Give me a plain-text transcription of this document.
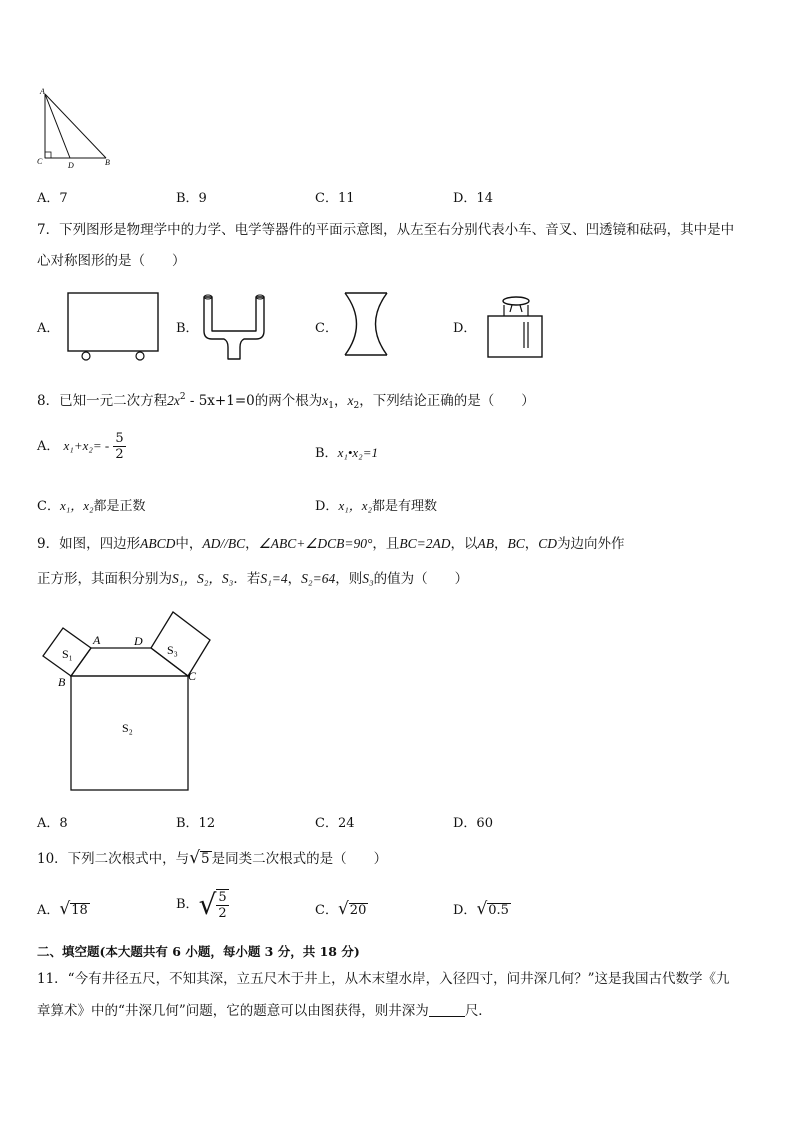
A
C	D	B
A．7	B．9	C．11	D．14
7．下列图形是物理学中的力学、电学等器件的平面示意图，从左至右分别代表小车、音叉、凹透镜和砝码，其中是中
心对称图形的是（　　）
A．	B．	C．	D．
8．已知一元二次方程$2x^2 - 5x+1=0$的两个根为$x_1$，$x_2$，下列结论正确的是（　　）
A． $x_1+x_2= - \frac{5}{2}$	B．x₁•x₂=1
C．x₁，x₂都是正数	D．x₁，x₂都是有理数
9．如图，四边形ABCD中，AD//BC，∠ABC+∠DCB=90°，且BC=2AD，以AB，BC，CD为边向外作
正方形，其面积分别为S₁，S₂，S₃．若S₁=4，S₂=64，则S₃的值为（　　）
A	D
B	C
S₁
S₂
S₃
A．8	B．12	C．24	D．60
10．下列二次根式中，与√5 是同类二次根式的是（　　）
A．√18	B．√ $\frac{5}{2}$	C．√20	D．√0.5
二、填空题(本大题共有 6 小题，每小题 3 分，共 18 分)
11．“今有井径五尺，不知其深，立五尺木于井上，从木末望水岸，入径四寸，问井深几何？”这是我国古代数学《九
章算术》中的“井深几何”问题，它的题意可以由图获得，则井深为	尺．
